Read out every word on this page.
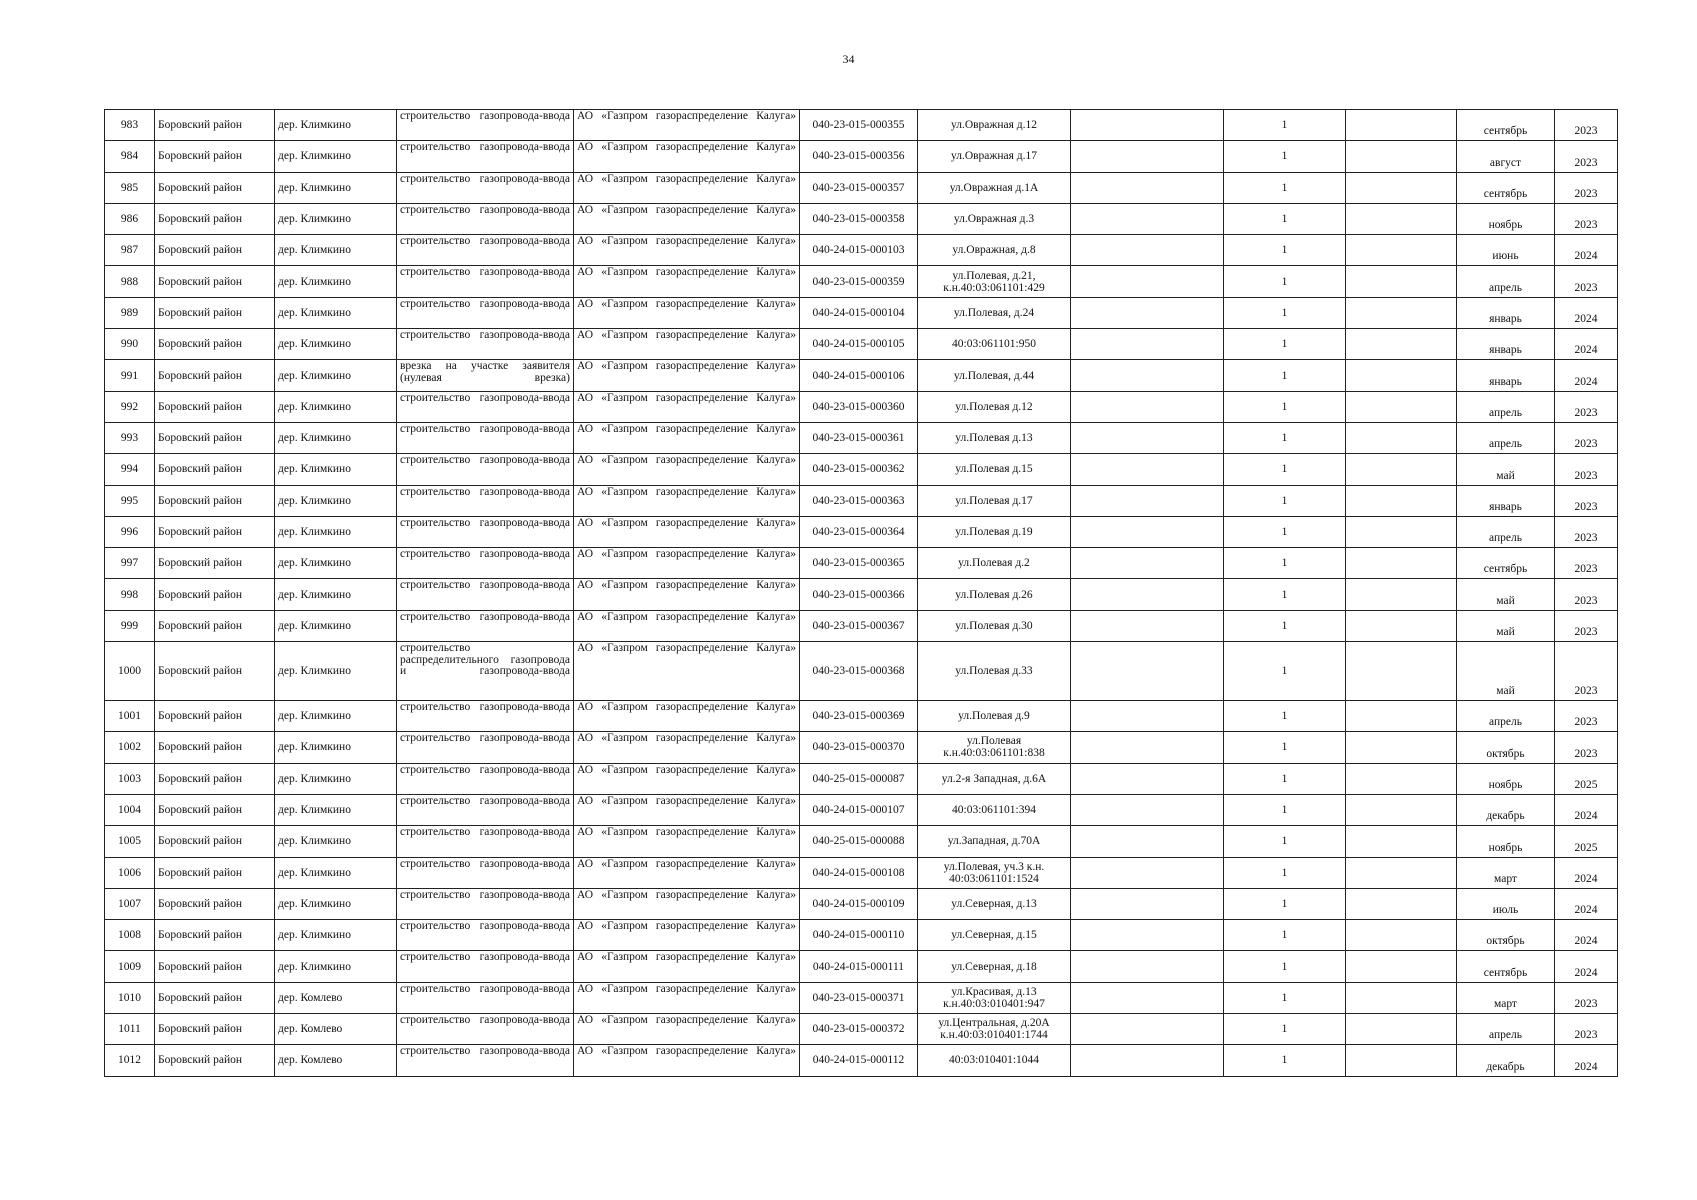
34
983	Боровский район	дер. Климкино	строительство газопровода-ввода	АО «Газпром газораспределение Калуга»	040-23-015-000355	ул.Овражная д.12		1		сентябрь	2023
984	Боровский район	дер. Климкино	строительство газопровода-ввода	АО «Газпром газораспределение Калуга»	040-23-015-000356	ул.Овражная д.17		1		август	2023
985	Боровский район	дер. Климкино	строительство газопровода-ввода	АО «Газпром газораспределение Калуга»	040-23-015-000357	ул.Овражная д.1А		1		сентябрь	2023
986	Боровский район	дер. Климкино	строительство газопровода-ввода	АО «Газпром газораспределение Калуга»	040-23-015-000358	ул.Овражная д.3		1		ноябрь	2023
987	Боровский район	дер. Климкино	строительство газопровода-ввода	АО «Газпром газораспределение Калуга»	040-24-015-000103	ул.Овражная, д.8		1		июнь	2024
988	Боровский район	дер. Климкино	строительство газопровода-ввода	АО «Газпром газораспределение Калуга»	040-23-015-000359	ул.Полевая, д.21, к.н.40:03:061101:429		1		апрель	2023
989	Боровский район	дер. Климкино	строительство газопровода-ввода	АО «Газпром газораспределение Калуга»	040-24-015-000104	ул.Полевая, д.24		1		январь	2024
990	Боровский район	дер. Климкино	строительство газопровода-ввода	АО «Газпром газораспределение Калуга»	040-24-015-000105	40:03:061101:950		1		январь	2024
991	Боровский район	дер. Климкино	врезка на участке заявителя (нулевая врезка)	АО «Газпром газораспределение Калуга»	040-24-015-000106	ул.Полевая, д.44		1		январь	2024
992	Боровский район	дер. Климкино	строительство газопровода-ввода	АО «Газпром газораспределение Калуга»	040-23-015-000360	ул.Полевая д.12		1		апрель	2023
993	Боровский район	дер. Климкино	строительство газопровода-ввода	АО «Газпром газораспределение Калуга»	040-23-015-000361	ул.Полевая д.13		1		апрель	2023
994	Боровский район	дер. Климкино	строительство газопровода-ввода	АО «Газпром газораспределение Калуга»	040-23-015-000362	ул.Полевая д.15		1		май	2023
995	Боровский район	дер. Климкино	строительство газопровода-ввода	АО «Газпром газораспределение Калуга»	040-23-015-000363	ул.Полевая д.17		1		январь	2023
996	Боровский район	дер. Климкино	строительство газопровода-ввода	АО «Газпром газораспределение Калуга»	040-23-015-000364	ул.Полевая д.19		1		апрель	2023
997	Боровский район	дер. Климкино	строительство газопровода-ввода	АО «Газпром газораспределение Калуга»	040-23-015-000365	ул.Полевая д.2		1		сентябрь	2023
998	Боровский район	дер. Климкино	строительство газопровода-ввода	АО «Газпром газораспределение Калуга»	040-23-015-000366	ул.Полевая д.26		1		май	2023
999	Боровский район	дер. Климкино	строительство газопровода-ввода	АО «Газпром газораспределение Калуга»	040-23-015-000367	ул.Полевая д.30		1		май	2023
1000	Боровский район	дер. Климкино	строительство распределительного газопровода и газопровода-ввода	АО «Газпром газораспределение Калуга»	040-23-015-000368	ул.Полевая д.33		1		май	2023
1001	Боровский район	дер. Климкино	строительство газопровода-ввода	АО «Газпром газораспределение Калуга»	040-23-015-000369	ул.Полевая д.9		1		апрель	2023
1002	Боровский район	дер. Климкино	строительство газопровода-ввода	АО «Газпром газораспределение Калуга»	040-23-015-000370	ул.Полевая к.н.40:03:061101:838		1		октябрь	2023
1003	Боровский район	дер. Климкино	строительство газопровода-ввода	АО «Газпром газораспределение Калуга»	040-25-015-000087	ул.2-я Западная, д.6А		1		ноябрь	2025
1004	Боровский район	дер. Климкино	строительство газопровода-ввода	АО «Газпром газораспределение Калуга»	040-24-015-000107	40:03:061101:394		1		декабрь	2024
1005	Боровский район	дер. Климкино	строительство газопровода-ввода	АО «Газпром газораспределение Калуга»	040-25-015-000088	ул.Западная, д.70А		1		ноябрь	2025
1006	Боровский район	дер. Климкино	строительство газопровода-ввода	АО «Газпром газораспределение Калуга»	040-24-015-000108	ул.Полевая, уч.3 к.н. 40:03:061101:1524		1		март	2024
1007	Боровский район	дер. Климкино	строительство газопровода-ввода	АО «Газпром газораспределение Калуга»	040-24-015-000109	ул.Северная, д.13		1		июль	2024
1008	Боровский район	дер. Климкино	строительство газопровода-ввода	АО «Газпром газораспределение Калуга»	040-24-015-000110	ул.Северная, д.15		1		октябрь	2024
1009	Боровский район	дер. Климкино	строительство газопровода-ввода	АО «Газпром газораспределение Калуга»	040-24-015-000111	ул.Северная, д.18		1		сентябрь	2024
1010	Боровский район	дер. Комлево	строительство газопровода-ввода	АО «Газпром газораспределение Калуга»	040-23-015-000371	ул.Красивая, д.13 к.н.40:03:010401:947		1		март	2023
1011	Боровский район	дер. Комлево	строительство газопровода-ввода	АО «Газпром газораспределение Калуга»	040-23-015-000372	ул.Центральная, д.20А к.н.40:03:010401:1744		1		апрель	2023
1012	Боровский район	дер. Комлево	строительство газопровода-ввода	АО «Газпром газораспределение Калуга»	040-24-015-000112	40:03:010401:1044		1		декабрь	2024
